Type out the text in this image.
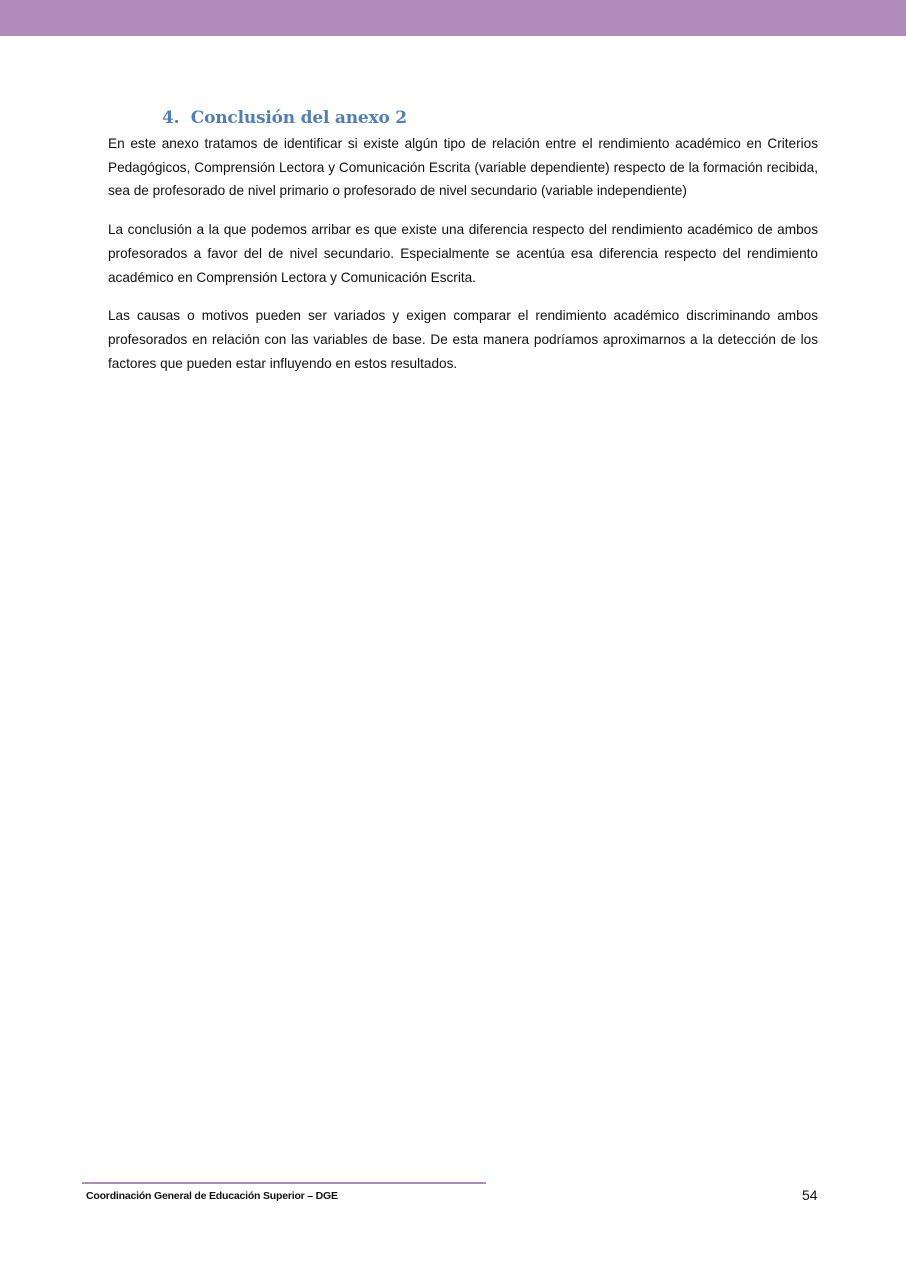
4. Conclusión del anexo 2

En este anexo tratamos de identificar si existe algún tipo de relación entre el rendimiento académico en Criterios Pedagógicos, Comprensión Lectora y Comunicación Escrita (variable dependiente) respecto de la formación recibida, sea de profesorado de nivel primario o profesorado de nivel secundario (variable independiente)

La conclusión a la que podemos arribar es que existe una diferencia respecto del rendimiento académico de ambos profesorados a favor del de nivel secundario. Especialmente se acentúa esa diferencia respecto del rendimiento académico en Comprensión Lectora y Comunicación Escrita.

Las causas o motivos pueden ser variados y exigen comparar el rendimiento académico discriminando ambos profesorados en relación con las variables de base. De esta manera podríamos aproximarnos a la detección de los factores que pueden estar influyendo en estos resultados.

Coordinación General de Educación Superior – DGE	54
